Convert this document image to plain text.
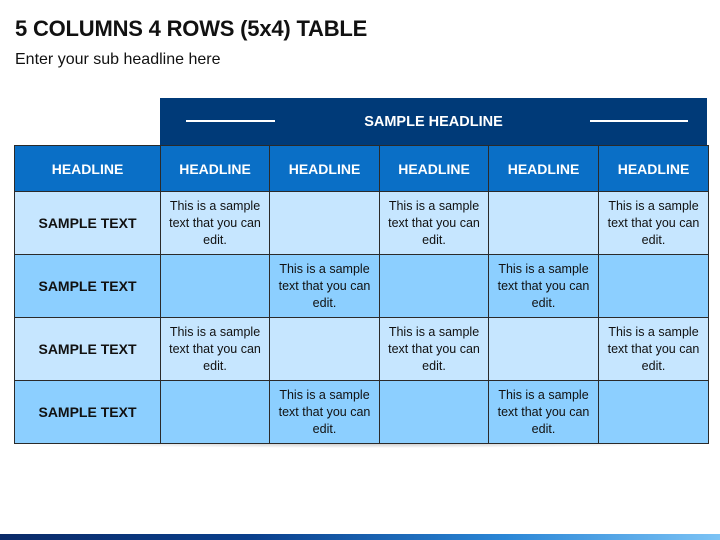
5 COLUMNS 4 ROWS (5x4) TABLE
Enter your sub headline here
SAMPLE HEADLINE
HEADLINE	HEADLINE	HEADLINE	HEADLINE	HEADLINE	HEADLINE
SAMPLE TEXT	This is a sample text that you can edit.		This is a sample text that you can edit.		This is a sample text that you can edit.

SAMPLE TEXT		This is a sample text that you can edit.		This is a sample text that you can edit.	

SAMPLE TEXT	This is a sample text that you can edit.		This is a sample text that you can edit.		This is a sample text that you can edit.

SAMPLE TEXT		This is a sample text that you can edit.		This is a sample text that you can edit.	
